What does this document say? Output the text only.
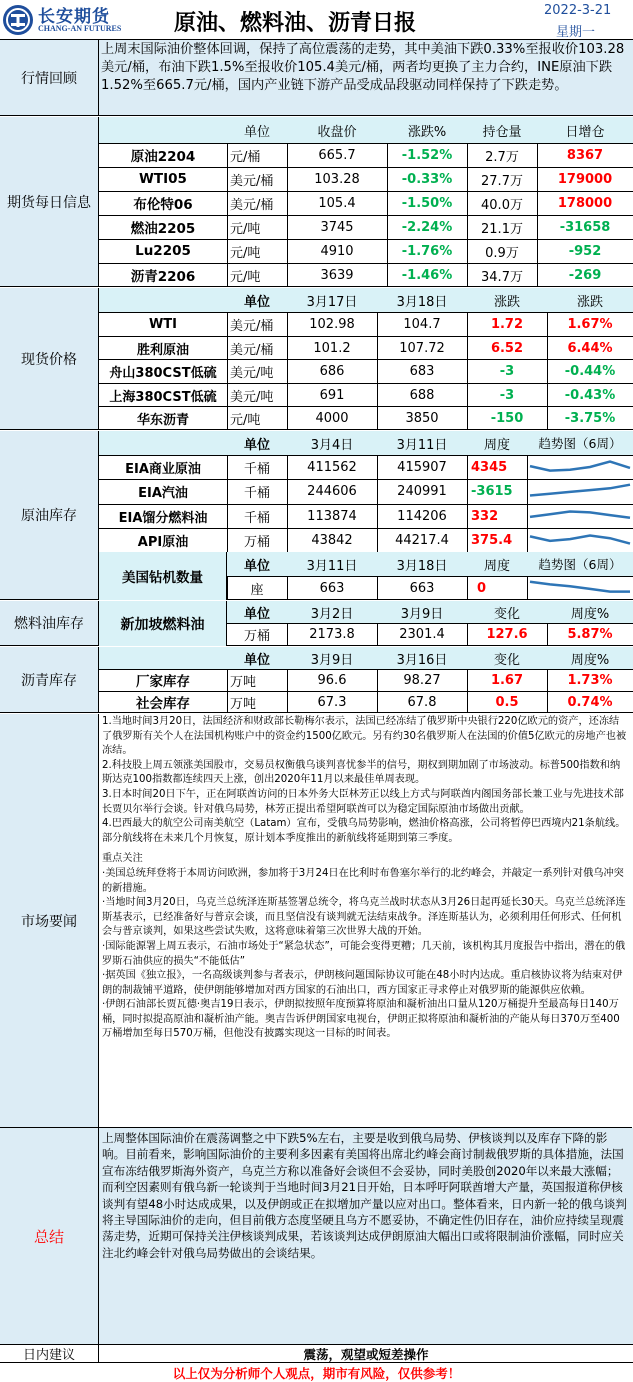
长安期货
CHANG-AN FUTURES 原油、燃料油、沥青日报	2022-3-21
星期一
行情回顾
上周末国际油价整体回调，保持了高位震荡的走势，其中美油下跌0.33%至报收价103.28美元/桶，布油下跌1.5%至报收价105.4美元/桶，两者均更换了主力合约，INE原油下跌1.52%至665.7元/桶，国内产业链下游产品受成品段驱动同样保持了下跌走势。
期货每日信息
单位	收盘价	涨跌%	持仓量	日增仓
原油2204	元/桶	665.7	-1.52%	2.7万	8367
WTI05	美元/桶	103.28	-0.33%	27.7万	179000
布伦特06	美元/桶	105.4	-1.50%	40.0万	178000
燃油2205	元/吨	3745	-2.24%	21.1万	-31658
Lu2205	元/吨	4910	-1.76%	0.9万	-952
沥青2206	元/吨	3639	-1.46%	34.7万	-269
现货价格
单位	3月17日	3月18日	涨跌	涨跌
WTI	美元/桶	102.98	104.7	1.72	1.67%
胜利原油	美元/桶	101.2	107.72	6.52	6.44%
舟山380CST低硫	美元/吨	686	683	-3	-0.44%
上海380CST低硫	美元/吨	691	688	-3	-0.43%
华东沥青	元/吨	4000	3850	-150	-3.75%
原油库存
单位	3月4日	3月11日	周度	趋势图（6周）
EIA商业原油	千桶	411562	415907	4345
EIA汽油	千桶	244606	240991	-3615
EIA馏分燃料油	千桶	113874	114206	332
API原油	万桶	43842	44217.4	375.4
美国钻机数量
单位	3月11日	3月18日	周度	趋势图（6周）
座	663	663	0
燃料油库存	新加坡燃料油
单位	3月2日	3月9日	变化	周度%
万桶	2173.8	2301.4	127.6	5.87%
沥青库存
单位	3月9日	3月16日	变化	周度%
厂家库存	万吨	96.6	98.27	1.67	1.73%
社会库存	万吨	67.3	67.8	0.5	0.74%
市场要闻

1.当地时间3月20日，法国经济和财政部长勒梅尔表示，法国已经冻结了俄罗斯中央银行220亿欧元的资产，还冻结了俄罗斯有关个人在法国机构账户中的资金约1500亿欧元。另有约30名俄罗斯人在法国的价值5亿欧元的房地产也被冻结。

2.科技股上周五领涨美国股市，交易员权衡俄乌谈判喜忧参半的信号，期权到期加剧了市场波动。标普500指数和纳斯达克100指数都连续四天上涨，创出2020年11月以来最佳单周表现。

3.日本时间20日下午，正在阿联酋访问的日本外务大臣林芳正以线上方式与阿联酋内阁国务部长兼工业与先进技术部长贾贝尔举行会谈。针对俄乌局势，林芳正提出希望阿联酋可以为稳定国际原油市场做出贡献。

4.巴西最大的航空公司南美航空（Latam）宣布，受俄乌局势影响，燃油价格高涨，公司将暂停巴西境内21条航线。部分航线将在未来几个月恢复，原计划本季度推出的新航线将延期到第三季度。

重点关注

·美国总统拜登将于本周访问欧洲，参加将于3月24日在比利时布鲁塞尔举行的北约峰会，并敲定一系列针对俄乌冲突的新措施。

·当地时间3月20日，乌克兰总统泽连斯基签署总统令，将乌克兰战时状态从3月26日起再延长30天。乌克兰总统泽连斯基表示，已经准备好与普京会谈，而且坚信没有谈判就无法结束战争。泽连斯基认为，必须利用任何形式、任何机会与普京谈判，如果这些尝试失败，这将意味着第三次世界大战的开始。

·国际能源署上周五表示，石油市场处于“紧急状态”，可能会变得更糟；几天前，该机构其月度报告中指出，潜在的俄罗斯石油供应的损失“不能低估”

·据英国《独立报》，一名高级谈判参与者表示，伊朗核问题国际协议可能在48小时内达成。重启核协议将为结束对伊朗的制裁铺平道路，使伊朗能够增加对西方国家的石油出口，西方国家正寻求停止对俄罗斯的能源供应依赖。

·伊朗石油部长贾瓦德·奥吉19日表示，伊朗拟按照年度预算将原油和凝析油出口量从120万桶提升至最高每日140万桶，同时拟提高原油和凝析油产能。奥吉告诉伊朗国家电视台，伊朗正拟将原油和凝析油的产能从每日370万至400万桶增加至每日570万桶，但他没有披露实现这一目标的时间表。

总结
上周整体国际油价在震荡调整之中下跌5%左右，主要是收到俄乌局势、伊核谈判以及库存下降的影响。目前看来，影响国际油价的主要利多因素有美国将出席北约峰会商讨制裁俄罗斯的具体措施，法国宣布冻结俄罗斯海外资产，乌克兰方称以准备好会谈但不会妥协，同时美股创2020年以来最大涨幅；而利空因素则有俄乌新一轮谈判于当地时间3月21日开始，日本呼吁阿联酋增大产量，英国报道称伊核谈判有望48小时达成成果，以及伊朗或正在拟增加产量以应对出口。整体看来，日内新一轮的俄乌谈判将主导国际油价的走向，但目前俄方态度坚硬且乌方不愿妥协，不确定性仍旧存在，油价应持续呈现震荡走势，近期可保持关注伊核谈判成果，若该谈判达成伊朗原油大幅出口或将限制油价涨幅，同时应关注北约峰会针对俄乌局势做出的会谈结果。
日内建议	震荡，观望或短差操作
以上仅为分析师个人观点，期市有风险，仅供参考！
